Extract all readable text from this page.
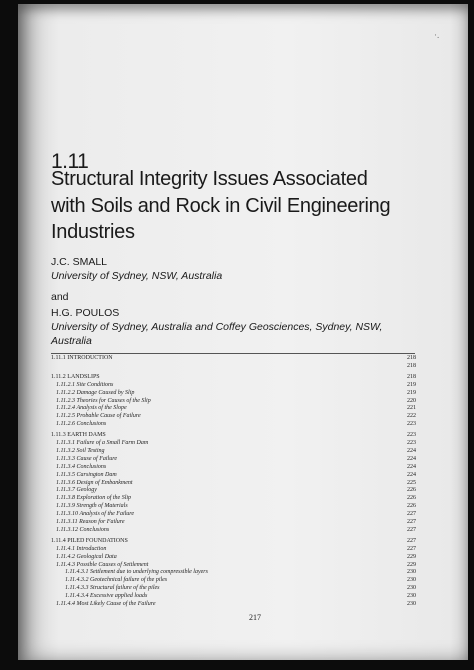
·.
1.11
Structural Integrity Issues Associated
with Soils and Rock in Civil Engineering
Industries
J.C. SMALL
University of Sydney, NSW, Australia
and
H.G. POULOS
University of Sydney, Australia and Coffey Geosciences, Sydney, NSW,
Australia
1.11.1 INTRODUCTION	218
218
1.11.2 LANDSLIPS	218
1.11.2.1 Site Conditions	219
1.11.2.2 Damage Caused by Slip	219
1.11.2.3 Theories for Causes of the Slip	220
1.11.2.4 Analysis of the Slope	221
1.11.2.5 Probable Cause of Failure	222
1.11.2.6 Conclusions	223
1.11.3 EARTH DAMS	223
1.11.3.1 Failure of a Small Farm Dam	223
1.11.3.2 Soil Testing	224
1.11.3.3 Cause of Failure	224
1.11.3.4 Conclusions	224
1.11.3.5 Carsington Dam	224
1.11.3.6 Design of Embankment	225
1.11.3.7 Geology	226
1.11.3.8 Exploration of the Slip	226
1.11.3.9 Strength of Materials	226
1.11.3.10 Analysis of the Failure	227
1.11.3.11 Reason for Failure	227
1.11.3.12 Conclusions	227
1.11.4 PILED FOUNDATIONS	227
1.11.4.1 Introduction	227
1.11.4.2 Geological Data	229
1.11.4.3 Possible Causes of Settlement	229
1.11.4.3.1 Settlement due to underlying compressible layers	230
1.11.4.3.2 Geotechnical failure of the piles	230
1.11.4.3.3 Structural failure of the piles	230
1.11.4.3.4 Excessive applied loads	230
1.11.4.4 Most Likely Cause of the Failure	230
217
